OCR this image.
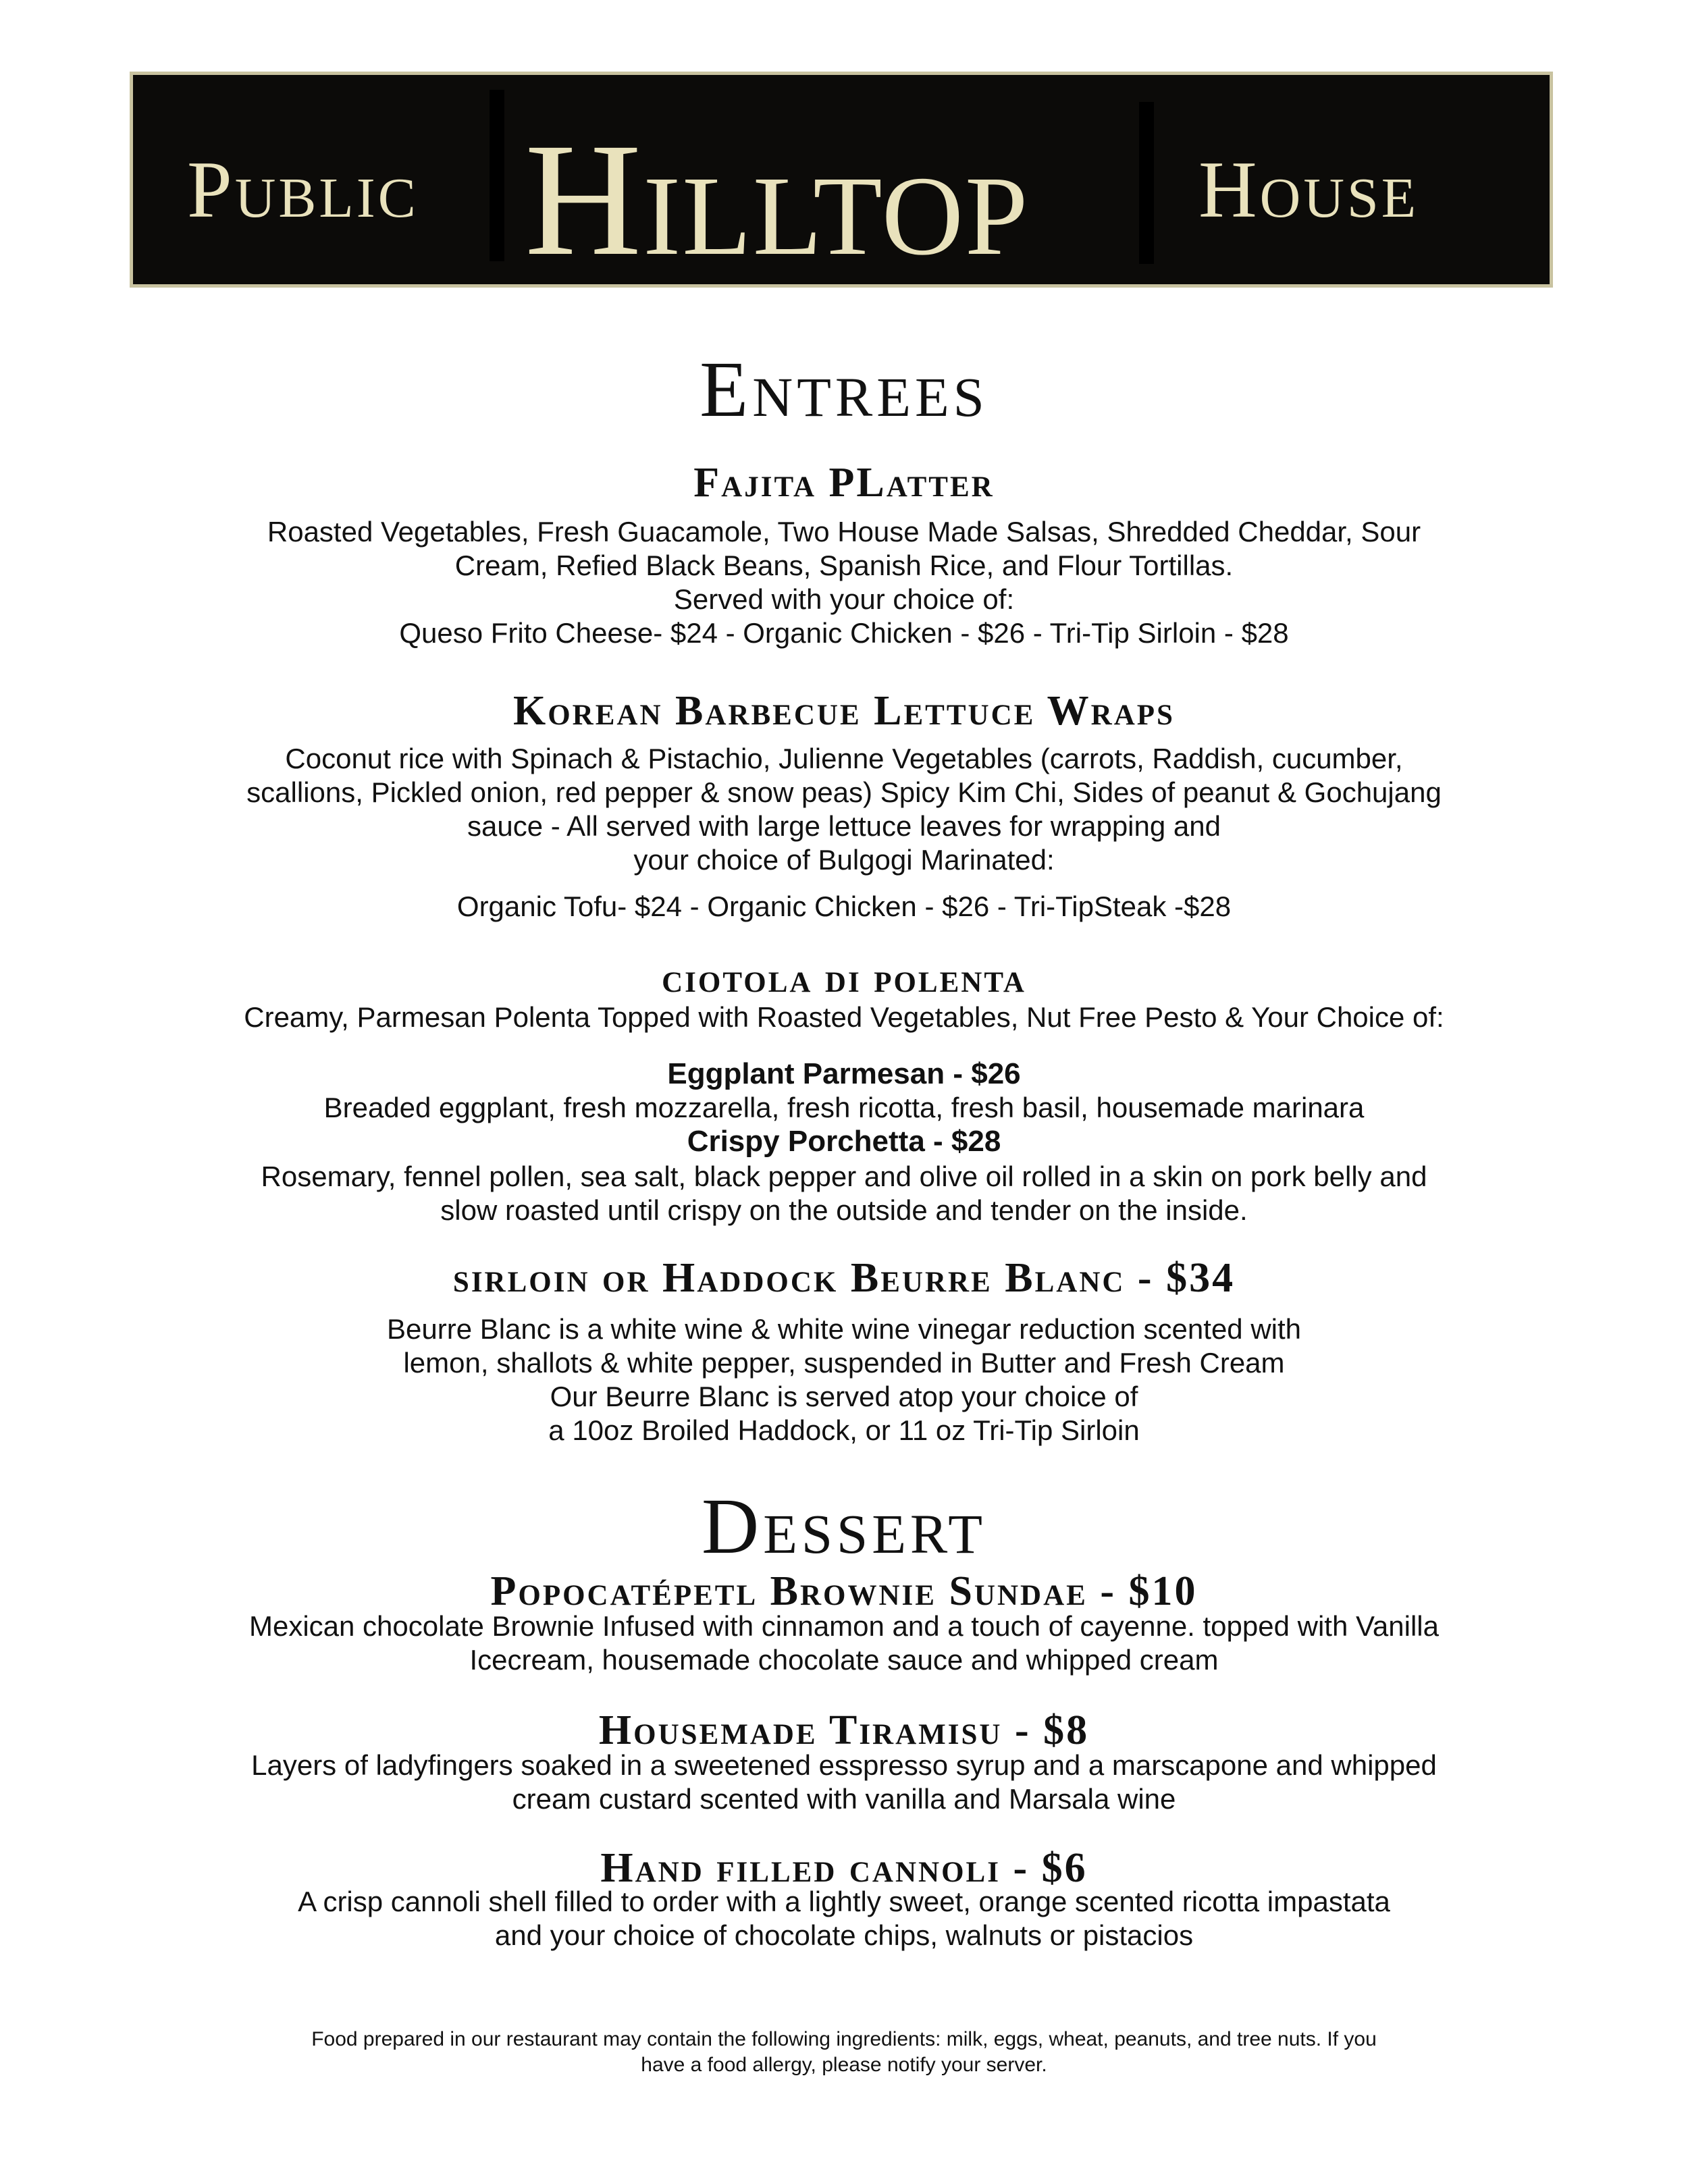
Public Hilltop House
Entrees
Fajita PLatter
Roasted Vegetables, Fresh Guacamole, Two House Made Salsas, Shredded Cheddar, Sour
Cream, Refied Black Beans, Spanish Rice, and Flour Tortillas.
Served with your choice of:
Queso Frito Cheese- $24 - Organic Chicken - $26 - Tri-Tip Sirloin - $28
Korean Barbecue Lettuce Wraps
Coconut rice with Spinach & Pistachio, Julienne Vegetables (carrots, Raddish, cucumber,
scallions, Pickled onion, red pepper & snow peas) Spicy Kim Chi, Sides of peanut & Gochujang
sauce - All served with large lettuce leaves for wrapping and
your choice of Bulgogi Marinated:
Organic Tofu- $24 - Organic Chicken - $26 - Tri-TipSteak -$28
ciotola di polenta
Creamy, Parmesan Polenta Topped with Roasted Vegetables, Nut Free Pesto & Your Choice of:
Eggplant Parmesan - $26
Breaded eggplant, fresh mozzarella, fresh ricotta, fresh basil, housemade marinara
Crispy Porchetta - $28
Rosemary, fennel pollen, sea salt, black pepper and olive oil rolled in a skin on pork belly and
slow roasted until crispy on the outside and tender on the inside.
sirloin or Haddock Beurre Blanc - $34
Beurre Blanc is a white wine & white wine vinegar reduction scented with
lemon, shallots & white pepper, suspended in Butter and Fresh Cream
Our Beurre Blanc is served atop your choice of
a 10oz Broiled Haddock, or 11 oz Tri-Tip Sirloin
Dessert
Popocatépetl Brownie Sundae - $10
Mexican chocolate Brownie Infused with cinnamon and a touch of cayenne. topped with Vanilla
Icecream, housemade chocolate sauce and whipped cream
Housemade Tiramisu - $8
Layers of ladyfingers soaked in a sweetened esspresso syrup and a marscapone and whipped
cream custard scented with vanilla and Marsala wine
Hand filled cannoli - $6
A crisp cannoli shell filled to order with a lightly sweet, orange scented ricotta impastata
and your choice of chocolate chips, walnuts or pistacios
Food prepared in our restaurant may contain the following ingredients: milk, eggs, wheat, peanuts, and tree nuts. If you
have a food allergy, please notify your server.
